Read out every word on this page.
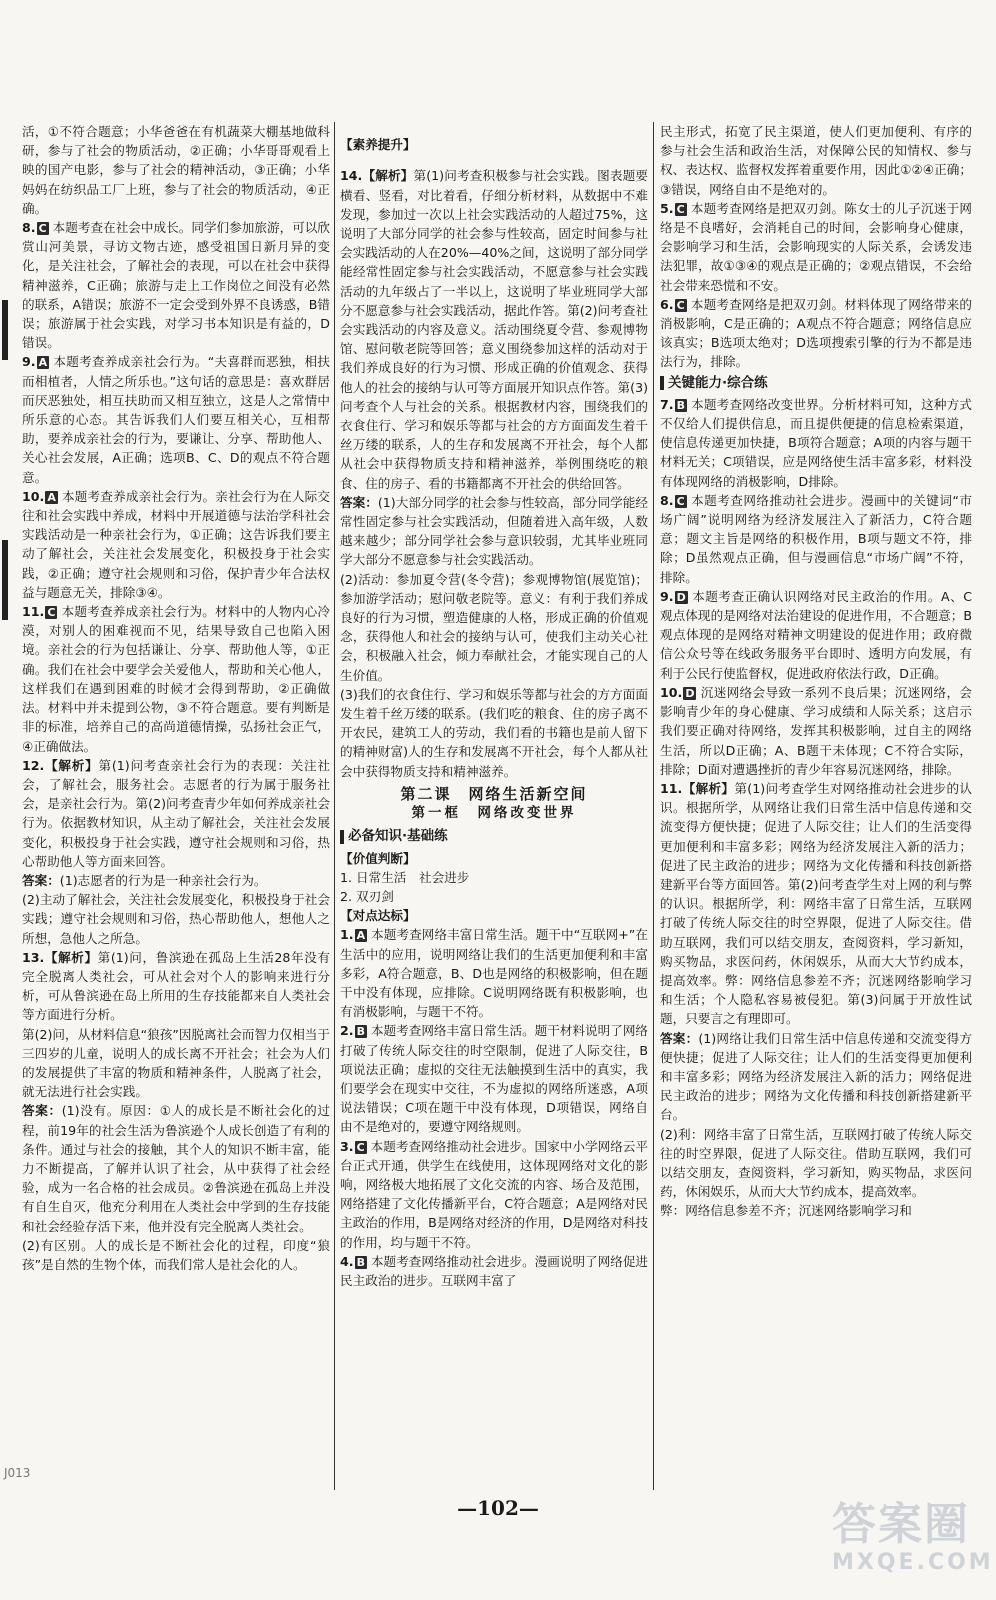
活，①不符合题意；小华爸爸在有机蔬菜大棚基地做科研，参与了社会的物质活动，②正确；小华哥哥观看上映的国产电影，参与了社会的精神活动，③正确；小华妈妈在纺织品工厂上班，参与了社会的物质活动，④正确。

8. C 本题考查在社会中成长。同学们参加旅游，可以欣赏山河美景，寻访文物古迹，感受祖国日新月异的变化，是关注社会，了解社会的表现，可以在社会中获得精神滋养，C正确；旅游与走上工作岗位之间没有必然的联系，A错误；旅游不一定会受到外界不良诱惑，B错误；旅游属于社会实践，对学习书本知识是有益的，D错误。

9. A 本题考查养成亲社会行为。“夫喜群而恶独，相扶而相植者，人情之所乐也。”这句话的意思是：喜欢群居而厌恶独处，相互扶助而又相互独立，这是人之常情中所乐意的心态。其告诉我们人们要互相关心，互相帮助，要养成亲社会的行为，要谦让、分享、帮助他人、关心社会发展，A正确；选项B、C、D的观点不符合题意。

10. A 本题考查养成亲社会行为。亲社会行为在人际交往和社会实践中养成，材料中开展道德与法治学科社会实践活动是一种亲社会行为，①正确；这告诉我们要主动了解社会，关注社会发展变化，积极投身于社会实践，②正确；遵守社会规则和习俗，保护青少年合法权益与题意无关，排除③④。

11. C 本题考查养成亲社会行为。材料中的人物内心冷漠，对别人的困难视而不见，结果导致自己也陷入困境。亲社会的行为包括谦让、分享、帮助他人等，①正确。我们在社会中要学会关爱他人，帮助和关心他人，这样我们在遇到困难的时候才会得到帮助，②正确做法。材料中并未提到公物，③不符合题意。要有判断是非的标准，培养自己的高尚道德情操，弘扬社会正气，④正确做法。

12.【解析】第(1)问考查亲社会行为的表现：关注社会，了解社会，服务社会。志愿者的行为属于服务社会，是亲社会行为。第(2)问考查青少年如何养成亲社会行为。依据教材知识，从主动了解社会，关注社会发展变化，积极投身于社会实践，遵守社会规则和习俗，热心帮助他人等方面来回答。

答案：(1)志愿者的行为是一种亲社会行为。

(2)主动了解社会，关注社会发展变化，积极投身于社会实践；遵守社会规则和习俗，热心帮助他人，想他人之所想，急他人之所急。

13.【解析】第(1)问，鲁滨逊在孤岛上生活28年没有完全脱离人类社会，可从社会对个人的影响来进行分析，可从鲁滨逊在岛上所用的生存技能都来自人类社会等方面进行分析。

第(2)问，从材料信息“狼孩”因脱离社会而智力仅相当于三四岁的儿童，说明人的成长离不开社会；社会为人们的发展提供了丰富的物质和精神条件，人脱离了社会，就无法进行社会实践。

答案：(1)没有。原因：①人的成长是不断社会化的过程，前19年的社会生活为鲁滨逊个人成长创造了有利的条件。通过与社会的接触，其个人的知识不断丰富，能力不断提高，了解并认识了社会，从中获得了社会经验，成为一名合格的社会成员。②鲁滨逊在孤岛上并没有自生自灭，他充分利用在人类社会中学到的生存技能和社会经验存活下来，他并没有完全脱离人类社会。

(2)有区别。人的成长是不断社会化的过程，印度“狼孩”是自然的生物个体，而我们常人是社会化的人。

【素养提升】

14.【解析】第(1)问考查积极参与社会实践。图表题要横看、竖看，对比着看，仔细分析材料，从数据中不难发现，参加过一次以上社会实践活动的人超过75%，这说明了大部分同学的社会参与性较高，固定时间参与社会实践活动的人在20%—40%之间，这说明了部分同学能经常性固定参与社会实践活动，不愿意参与社会实践活动的九年级占了一半以上，这说明了毕业班同学大部分不愿意参与社会实践活动，据此作答。第(2)问考查社会实践活动的内容及意义。活动围绕夏令营、参观博物馆、慰问敬老院等回答；意义围绕参加这样的活动对于我们养成良好的行为习惯、形成正确的价值观念、获得他人的社会的接纳与认可等方面展开知识点作答。第(3)问考查个人与社会的关系。根据教材内容，围绕我们的衣食住行、学习和娱乐等都与社会的方方面面发生着千丝万缕的联系，人的生存和发展离不开社会，每个人都从社会中获得物质支持和精神滋养，举例围绕吃的粮食、住的房子、看的书籍都离不开社会的供给回答。

答案：(1)大部分同学的社会参与性较高，部分同学能经常性固定参与社会实践活动，但随着进入高年级，人数越来越少；部分同学社会参与意识较弱，尤其毕业班同学大部分不愿意参与社会实践活动。

(2)活动：参加夏令营(冬令营)；参观博物馆(展览馆)；参加游学活动；慰问敬老院等。意义：有利于我们养成良好的行为习惯，塑造健康的人格，形成正确的价值观念，获得他人和社会的接纳与认可，使我们主动关心社会，积极融入社会，倾力奉献社会，才能实现自己的人生价值。

(3)我们的衣食住行、学习和娱乐等都与社会的方方面面发生着千丝万缕的联系。(我们吃的粮食、住的房子离不开农民，建筑工人的劳动，我们看的书籍也是前人留下的精神财富)人的生存和发展离不开社会，每个人都从社会中获得物质支持和精神滋养。

第二课　网络生活新空间
第一框　网络改变世界
必备知识·基础练

【价值判断】

1. 日常生活　社会进步

2. 双刃剑

【对点达标】

1. A 本题考查网络丰富日常生活。题干中“互联网+”在生活中的应用，说明网络让我们的生活更加便利和丰富多彩，A符合题意，B、D也是网络的积极影响，但在题干中没有体现，应排除。C说明网络既有积极影响，也有消极影响，与题干不符。

2. B 本题考查网络丰富日常生活。题干材料说明了网络打破了传统人际交往的时空限制，促进了人际交往，B项说法正确；虚拟的交往无法触摸到生活中的真实，我们要学会在现实中交往，不为虚拟的网络所迷惑，A项说法错误；C项在题干中没有体现，D项错误，网络自由不是绝对的，要遵守网络规则。

3. C 本题考查网络推动社会进步。国家中小学网络云平台正式开通，供学生在线使用，这体现网络对文化的影响，网络极大地拓展了文化交流的内容、场合及范围，网络搭建了文化传播新平台，C符合题意；A是网络对民主政治的作用，B是网络对经济的作用，D是网络对科技的作用，均与题干不符。

4. B 本题考查网络推动社会进步。漫画说明了网络促进民主政治的进步。互联网丰富了

民主形式，拓宽了民主渠道，使人们更加便利、有序的参与社会生活和政治生活，对保障公民的知情权、参与权、表达权、监督权发挥着重要作用，因此①②④正确；③错误，网络自由不是绝对的。

5. C 本题考查网络是把双刃剑。陈女士的儿子沉迷于网络是不良嗜好，会消耗自己的时间，会影响身心健康，会影响学习和生活，会影响现实的人际关系，会诱发违法犯罪，故①③④的观点是正确的；②观点错误，不会给社会带来恐慌和不安。

6. C 本题考查网络是把双刃剑。材料体现了网络带来的消极影响，C是正确的；A观点不符合题意；网络信息应该真实；B选项太绝对；D选项搜索引擎的行为不都是违法行为，排除。

关键能力·综合练

7. B 本题考查网络改变世界。分析材料可知，这种方式不仅给人们提供信息，而且提供便捷的信息检索渠道，使信息传递更加快捷，B项符合题意；A项的内容与题干材料无关；C项错误，应是网络使生活丰富多彩，材料没有体现网络的消极影响，D排除。

8. C 本题考查网络推动社会进步。漫画中的关键词“市场广阔”说明网络为经济发展注入了新活力，C符合题意；题文主旨是网络的积极作用，B项与题文不符，排除；D虽然观点正确，但与漫画信息“市场广阔”不符，排除。

9. D 本题考查正确认识网络对民主政治的作用。A、C观点体现的是网络对法治建设的促进作用，不合题意；B观点体现的是网络对精神文明建设的促进作用；政府微信公众号等在线政务服务平台即时、透明方向发展，有利于公民行使监督权，促进政府依法行政，D正确。

10. D 沉迷网络会导致一系列不良后果；沉迷网络，会影响青少年的身心健康、学习成绩和人际关系；这启示我们要正确对待网络，发挥其积极影响，过自主的网络生活，所以D正确；A、B题干未体现；C不符合实际，排除；D面对遭遇挫折的青少年容易沉迷网络，排除。

11.【解析】第(1)问考查学生对网络推动社会进步的认识。根据所学，从网络让我们日常生活中信息传递和交流变得方便快捷；促进了人际交往；让人们的生活变得更加便利和丰富多彩；网络为经济发展注入新的活力；促进了民主政治的进步；网络为文化传播和科技创新搭建新平台等方面回答。第(2)问考查学生对上网的利与弊的认识。根据所学，利：网络丰富了日常生活，互联网打破了传统人际交往的时空界限，促进了人际交往。借助互联网，我们可以结交朋友，查阅资料，学习新知，购买物品，求医问药，休闲娱乐，从而大大节约成本，提高效率。弊：网络信息参差不齐；沉迷网络影响学习和生活；个人隐私容易被侵犯。第(3)问属于开放性试题，只要言之有理即可。

答案：(1)网络让我们日常生活中信息传递和交流变得方便快捷；促进了人际交往；让人们的生活变得更加便利和丰富多彩；网络为经济发展注入新的活力；网络促进民主政治的进步；网络为文化传播和科技创新搭建新平台。

(2)利：网络丰富了日常生活，互联网打破了传统人际交往的时空界限，促进了人际交往。借助互联网，我们可以结交朋友，查阅资料，学习新知，购买物品，求医问药，休闲娱乐，从而大大节约成本，提高效率。

弊：网络信息参差不齐；沉迷网络影响学习和

—102—
J013
答案圈
MXQE.COM
